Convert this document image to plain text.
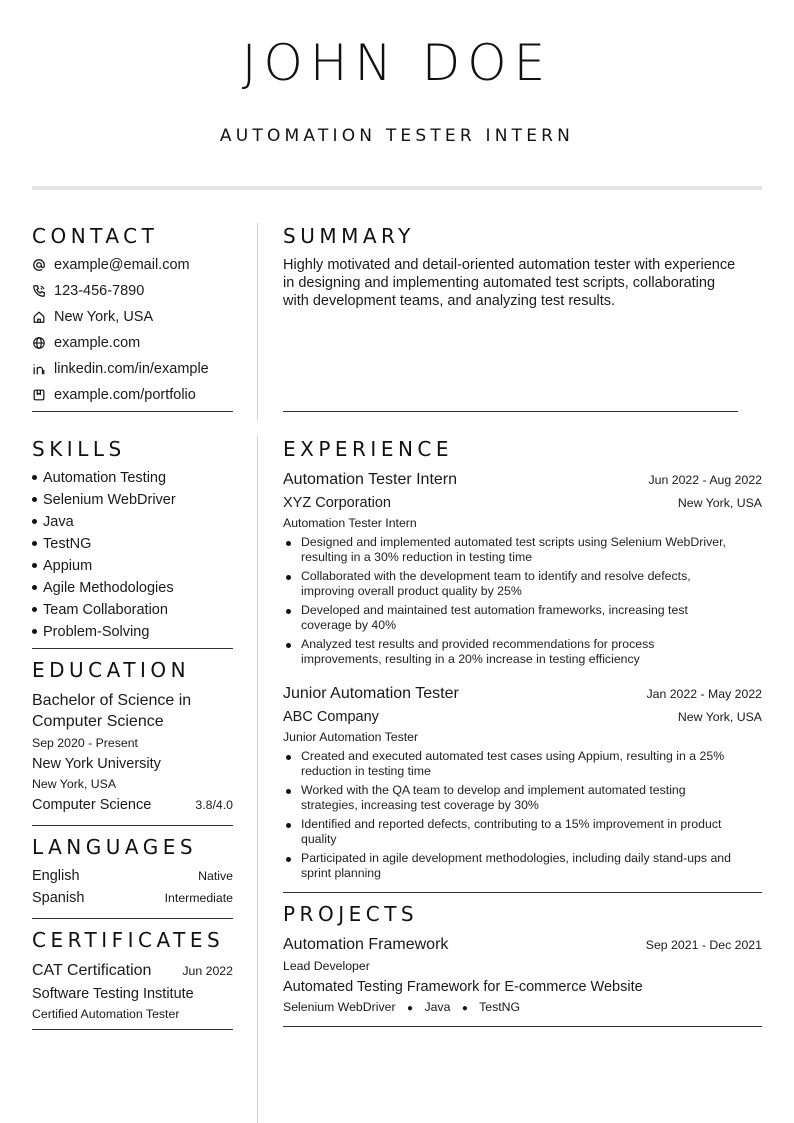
JOHN DOE
AUTOMATION TESTER INTERN
CONTACT
example@email.com
123-456-7890
New York, USA
example.com
linkedin.com/in/example
example.com/portfolio
SUMMARY
Highly motivated and detail-oriented automation tester with experience
in designing and implementing automated test scripts, collaborating
with development teams, and analyzing test results.
SKILLS
Automation Testing
Selenium WebDriver
Java
TestNG
Appium
Agile Methodologies
Team Collaboration
Problem-Solving
EDUCATION
Bachelor of Science in
Computer Science
Sep 2020 - Present
New York University
New York, USA
Computer Science	3.8/4.0
LANGUAGES
English	Native
Spanish	Intermediate
CERTIFICATES
CAT Certification	Jun 2022
Software Testing Institute
Certified Automation Tester
EXPERIENCE
Automation Tester Intern	Jun 2022 - Aug 2022
XYZ Corporation	New York, USA
Automation Tester Intern
Designed and implemented automated test scripts using Selenium WebDriver,
resulting in a 30% reduction in testing time
Collaborated with the development team to identify and resolve defects,
improving overall product quality by 25%
Developed and maintained test automation frameworks, increasing test
coverage by 40%
Analyzed test results and provided recommendations for process
improvements, resulting in a 20% increase in testing efficiency
Junior Automation Tester	Jan 2022 - May 2022
ABC Company	New York, USA
Junior Automation Tester
Created and executed automated test cases using Appium, resulting in a 25%
reduction in testing time
Worked with the QA team to develop and implement automated testing
strategies, increasing test coverage by 30%
Identified and reported defects, contributing to a 15% improvement in product
quality
Participated in agile development methodologies, including daily stand-ups and
sprint planning
PROJECTS
Automation Framework	Sep 2021 - Dec 2021
Lead Developer
Automated Testing Framework for E-commerce Website
Selenium WebDriver ● Java ● TestNG
